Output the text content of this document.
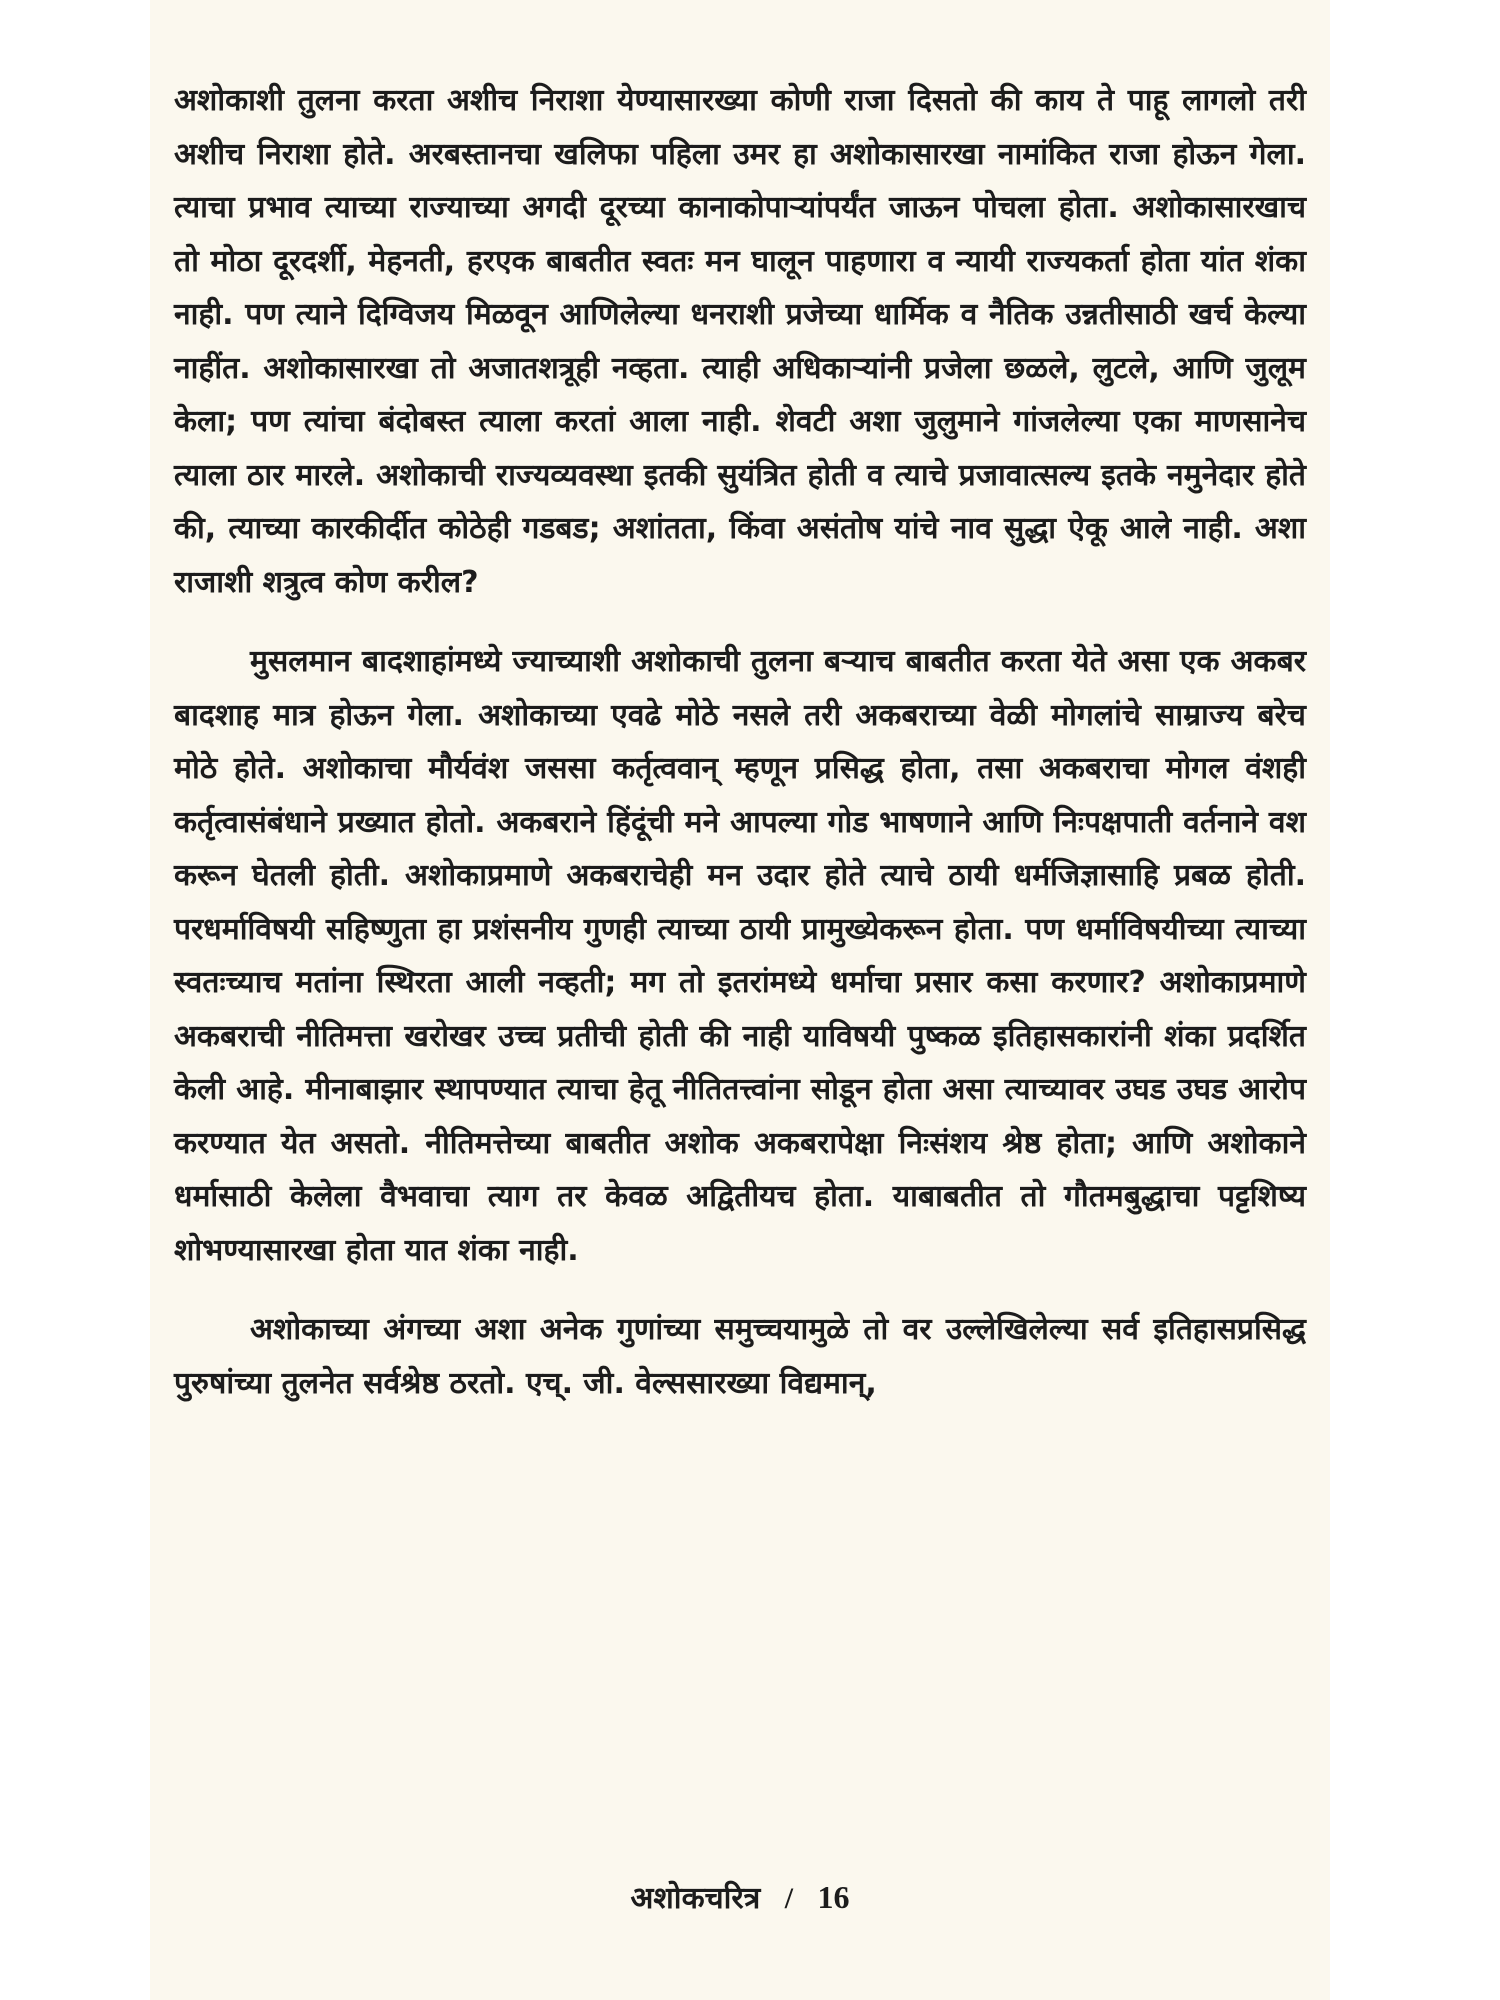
अशोकाशी तुलना करता अशीच निराशा येण्यासारख्या कोणी राजा दिसतो की काय ते पाहू लागलो तरी अशीच निराशा होते. अरबस्तानचा खलिफा पहिला उमर हा अशोकासारखा नामांकित राजा होऊन गेला. त्याचा प्रभाव त्याच्या राज्याच्या अगदी दूरच्या कानाकोपाऱ्यांपर्यंत जाऊन पोचला होता. अशोकासारखाच तो मोठा दूरदर्शी, मेहनती, हरएक बाबतीत स्वतः मन घालून पाहणारा व न्यायी राज्यकर्ता होता यांत शंका नाही. पण त्याने दिग्विजय मिळवून आणिलेल्या धनराशी प्रजेच्या धार्मिक व नैतिक उन्नतीसाठी खर्च केल्या नाहींत. अशोकासारखा तो अजातशत्रूही नव्हता. त्याही अधिकाऱ्यांनी प्रजेला छळले, लुटले, आणि जुलूम केला; पण त्यांचा बंदोबस्त त्याला करतां आला नाही. शेवटी अशा जुलुमाने गांजलेल्या एका माणसानेच त्याला ठार मारले. अशोकाची राज्यव्यवस्था इतकी सुयंत्रित होती व त्याचे प्रजावात्सल्य इतके नमुनेदार होते की, त्याच्या कारकीर्दीत कोठेही गडबड; अशांतता, किंवा असंतोष यांचे नाव सुद्धा ऐकू आले नाही. अशा राजाशी शत्रुत्व कोण करील?

मुसलमान बादशाहांमध्ये ज्याच्याशी अशोकाची तुलना बऱ्याच बाबतीत करता येते असा एक अकबर बादशाह मात्र होऊन गेला. अशोकाच्या एवढे मोठे नसले तरी अकबराच्या वेळी मोगलांचे साम्राज्य बरेच मोठे होते. अशोकाचा मौर्यवंश जससा कर्तृत्ववान् म्हणून प्रसिद्ध होता, तसा अकबराचा मोगल वंशही कर्तृत्वासंबंधाने प्रख्यात होतो. अकबराने हिंदूंची मने आपल्या गोड भाषणाने आणि निःपक्षपाती वर्तनाने वश करून घेतली होती. अशोकाप्रमाणे अकबराचेही मन उदार होते त्याचे ठायी धर्मजिज्ञासाहि प्रबळ होती. परधर्माविषयी सहिष्णुता हा प्रशंसनीय गुणही त्याच्या ठायी प्रामुख्येकरून होता. पण धर्माविषयीच्या त्याच्या स्वतःच्याच मतांना स्थिरता आली नव्हती; मग तो इतरांमध्ये धर्माचा प्रसार कसा करणार? अशोकाप्रमाणे अकबराची नीतिमत्ता खरोखर उच्च प्रतीची होती की नाही याविषयी पुष्कळ इतिहासकारांनी शंका प्रदर्शित केली आहे. मीनाबाझार स्थापण्यात त्याचा हेतू नीतितत्त्वांना सोडून होता असा त्याच्यावर उघड उघड आरोप करण्यात येत असतो. नीतिमत्तेच्या बाबतीत अशोक अकबरापेक्षा निःसंशय श्रेष्ठ होता; आणि अशोकाने धर्मासाठी केलेला वैभवाचा त्याग तर केवळ अद्वितीयच होता. याबाबतीत तो गौतमबुद्धाचा पट्टशिष्य शोभण्यासारखा होता यात शंका नाही.

अशोकाच्या अंगच्या अशा अनेक गुणांच्या समुच्चयामुळे तो वर उल्लेखिलेल्या सर्व इतिहासप्रसिद्ध पुरुषांच्या तुलनेत सर्वश्रेष्ठ ठरतो. एच्. जी. वेल्ससारख्या विद्यमान्,

अशोकचरित्र / 16
